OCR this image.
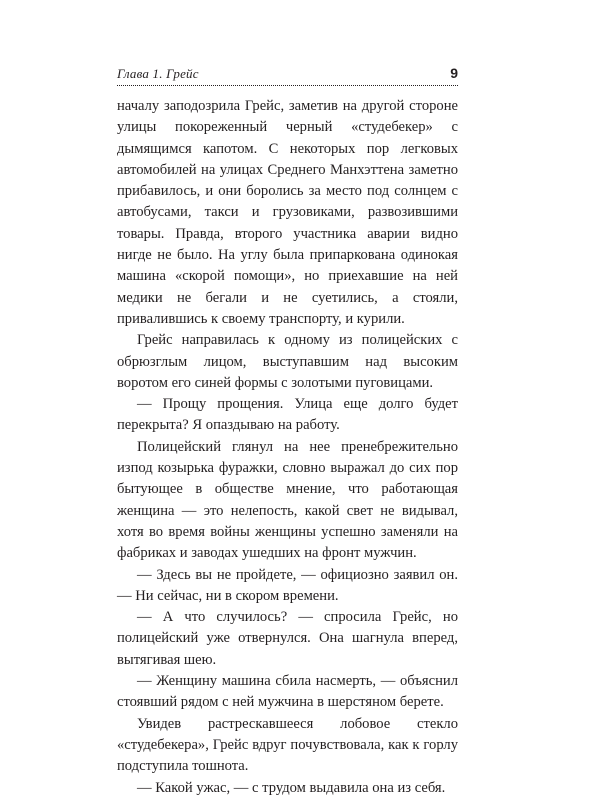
Глава 1. Грейс	9

началу заподозрила Грейс, заметив на другой стороне улицы покореженный черный «студебекер» с дымящимся капотом. С некоторых пор легковых автомобилей на улицах Среднего Манхэттена заметно прибавилось, и они боролись за место под солнцем с автобусами, такси и грузовиками, развозившими товары. Правда, второго участника аварии видно нигде не было. На углу была припаркована одинокая машина «скорой помощи», но приехавшие на ней медики не бегали и не суетились, а стояли, привалившись к своему транспорту, и курили.

Грейс направилась к одному из полицейских с обрюзглым лицом, выступавшим над высоким воротом его синей формы с золотыми пуговицами.

— Прощу прощения. Улица еще долго будет перекрыта? Я опаздываю на работу.

Полицейский глянул на нее пренебрежительно изпод козырька фуражки, словно выражал до сих пор бытующее в обществе мнение, что работающая женщина — это нелепость, какой свет не видывал, хотя во время войны женщины успешно заменяли на фабриках и заводах ушедших на фронт мужчин.

— Здесь вы не пройдете, — официозно заявил он. — Ни сейчас, ни в скором времени.

— А что случилось? — спросила Грейс, но полицейский уже отвернулся. Она шагнула вперед, вытягивая шею.

— Женщину машина сбила насмерть, — объяснил стоявший рядом с ней мужчина в шерстяном берете.

Увидев растрескавшееся лобовое стекло «студебекера», Грейс вдруг почувствовала, как к горлу подступила тошнота.

— Какой ужас, — с трудом выдавила она из себя.
